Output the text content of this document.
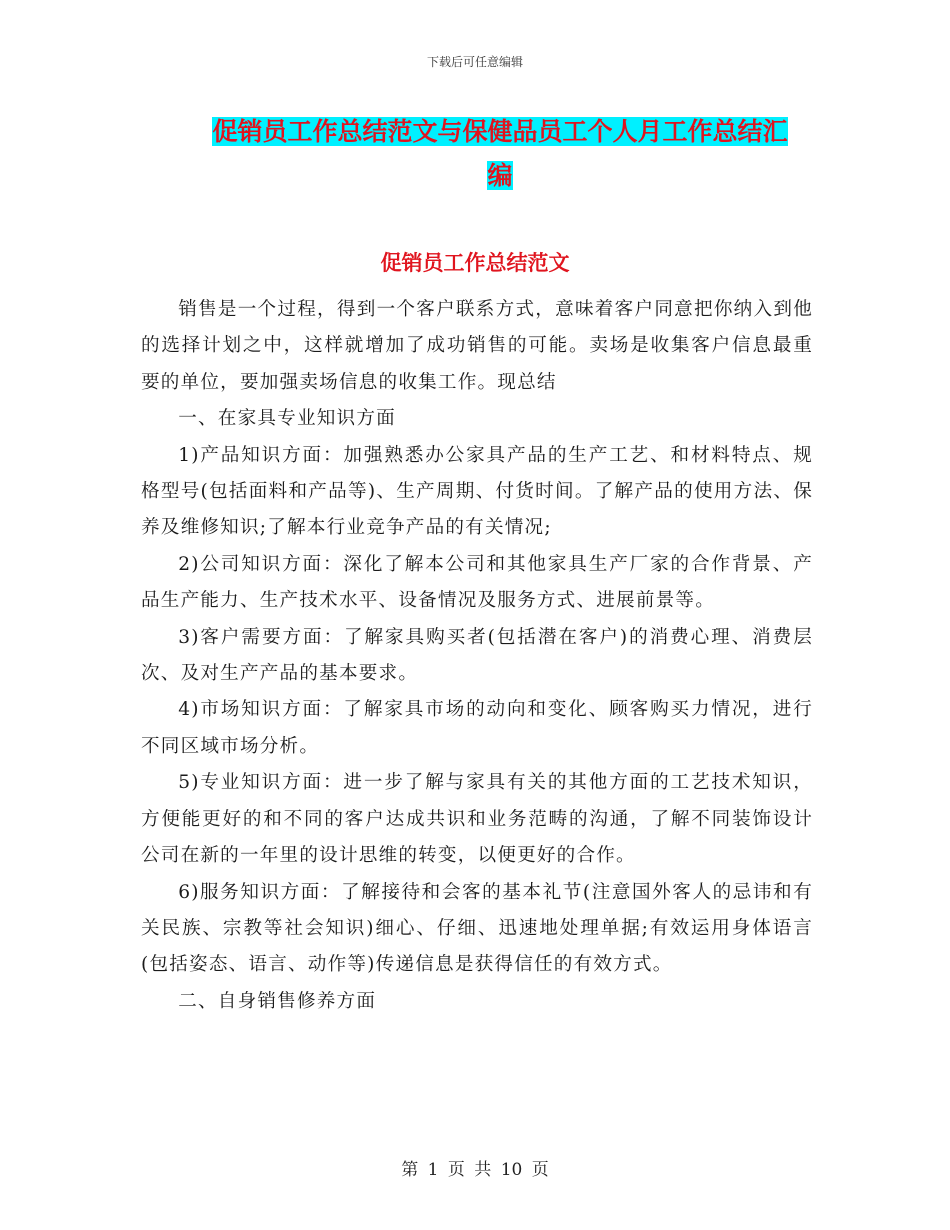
下载后可任意编辑
促销员工作总结范文与保健品员工个人月工作总结汇
编
促销员工作总结范文

销售是一个过程，得到一个客户联系方式，意味着客户同意把你纳入到他的选择计划之中，这样就增加了成功销售的可能。卖场是收集客户信息最重要的单位，要加强卖场信息的收集工作。现总结

一、在家具专业知识方面

1)产品知识方面：加强熟悉办公家具产品的生产工艺、和材料特点、规格型号(包括面料和产品等)、生产周期、付货时间。了解产品的使用方法、保养及维修知识;了解本行业竞争产品的有关情况;

2)公司知识方面：深化了解本公司和其他家具生产厂家的合作背景、产品生产能力、生产技术水平、设备情况及服务方式、进展前景等。

3)客户需要方面：了解家具购买者(包括潜在客户)的消费心理、消费层次、及对生产产品的基本要求。

4)市场知识方面：了解家具市场的动向和变化、顾客购买力情况，进行不同区域市场分析。

5)专业知识方面：进一步了解与家具有关的其他方面的工艺技术知识，方便能更好的和不同的客户达成共识和业务范畴的沟通，了解不同装饰设计公司在新的一年里的设计思维的转变，以便更好的合作。

6)服务知识方面：了解接待和会客的基本礼节(注意国外客人的忌讳和有关民族、宗教等社会知识)细心、仔细、迅速地处理单据;有效运用身体语言(包括姿态、语言、动作等)传递信息是获得信任的有效方式。

二、自身销售修养方面

第 1 页 共 10 页
